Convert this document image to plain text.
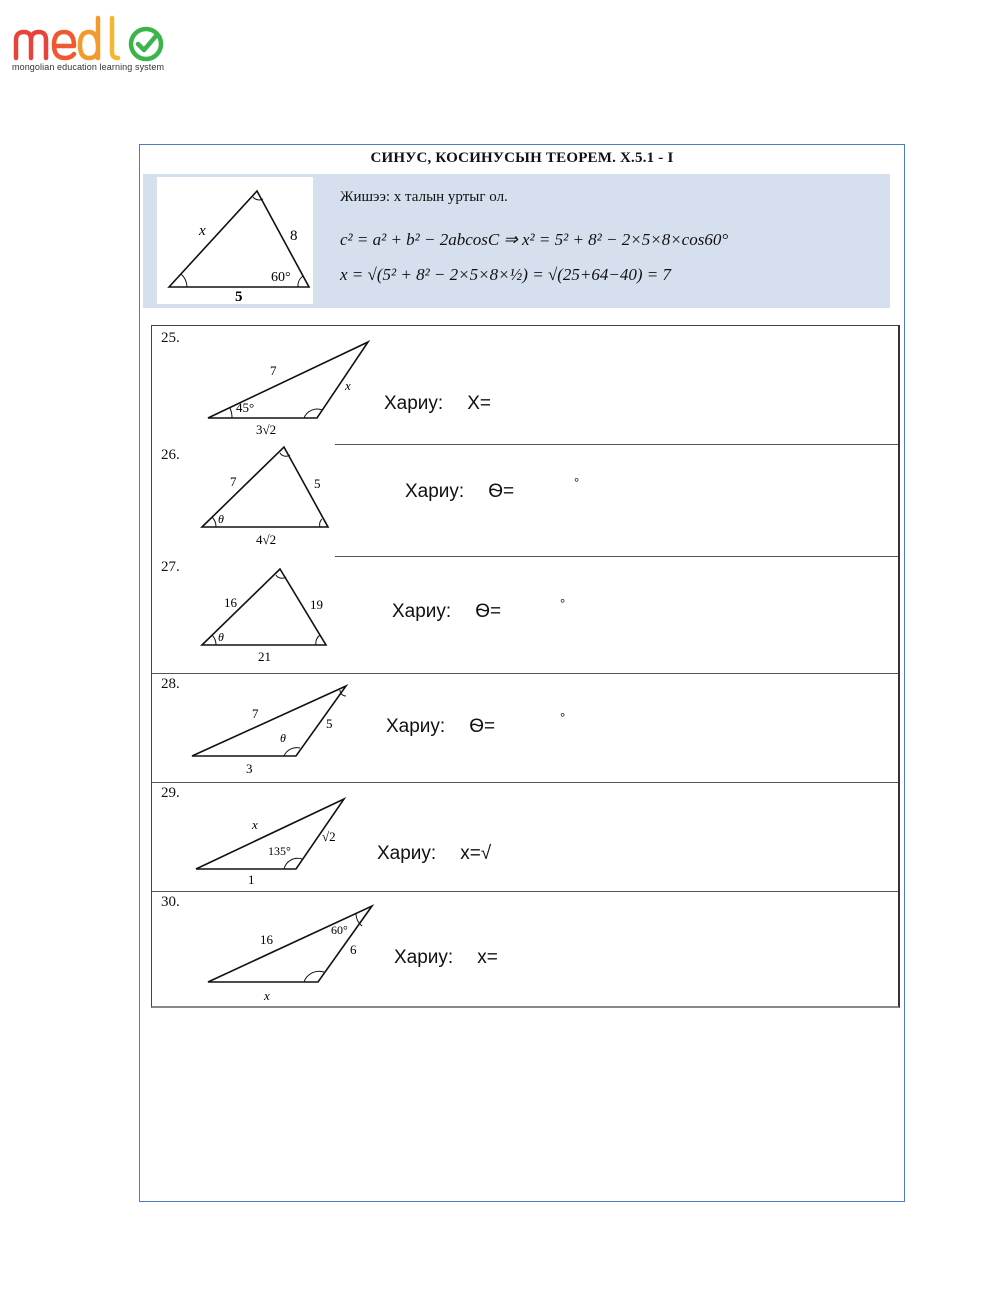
mongolian education learning system
СИНУС, КОСИНУСЫН ТЕОРЕМ. X.5.1 - I
x	8
5
60°
Жишээ: x талын уртыг ол.
c² = a² + b² − 2abcosC ⇒ x² = 5² + 8² − 2×5×8×cos60°
x = √(5² + 8² − 2×5×8×½) = √(25+64−40) = 7
25.
7
x
3√2
45°	Хариу: X=
26.
7	5
4√2
θ
Хариу: Ѳ=	°
27.
16	19
21
θ
Хариу: Ѳ=	°
28.
7
5
3
θ
Хариу: Ѳ=	°
29.
x
√2
1
135°	Хариу: x=√
30.
16
6
x
60°
Хариу: x=
